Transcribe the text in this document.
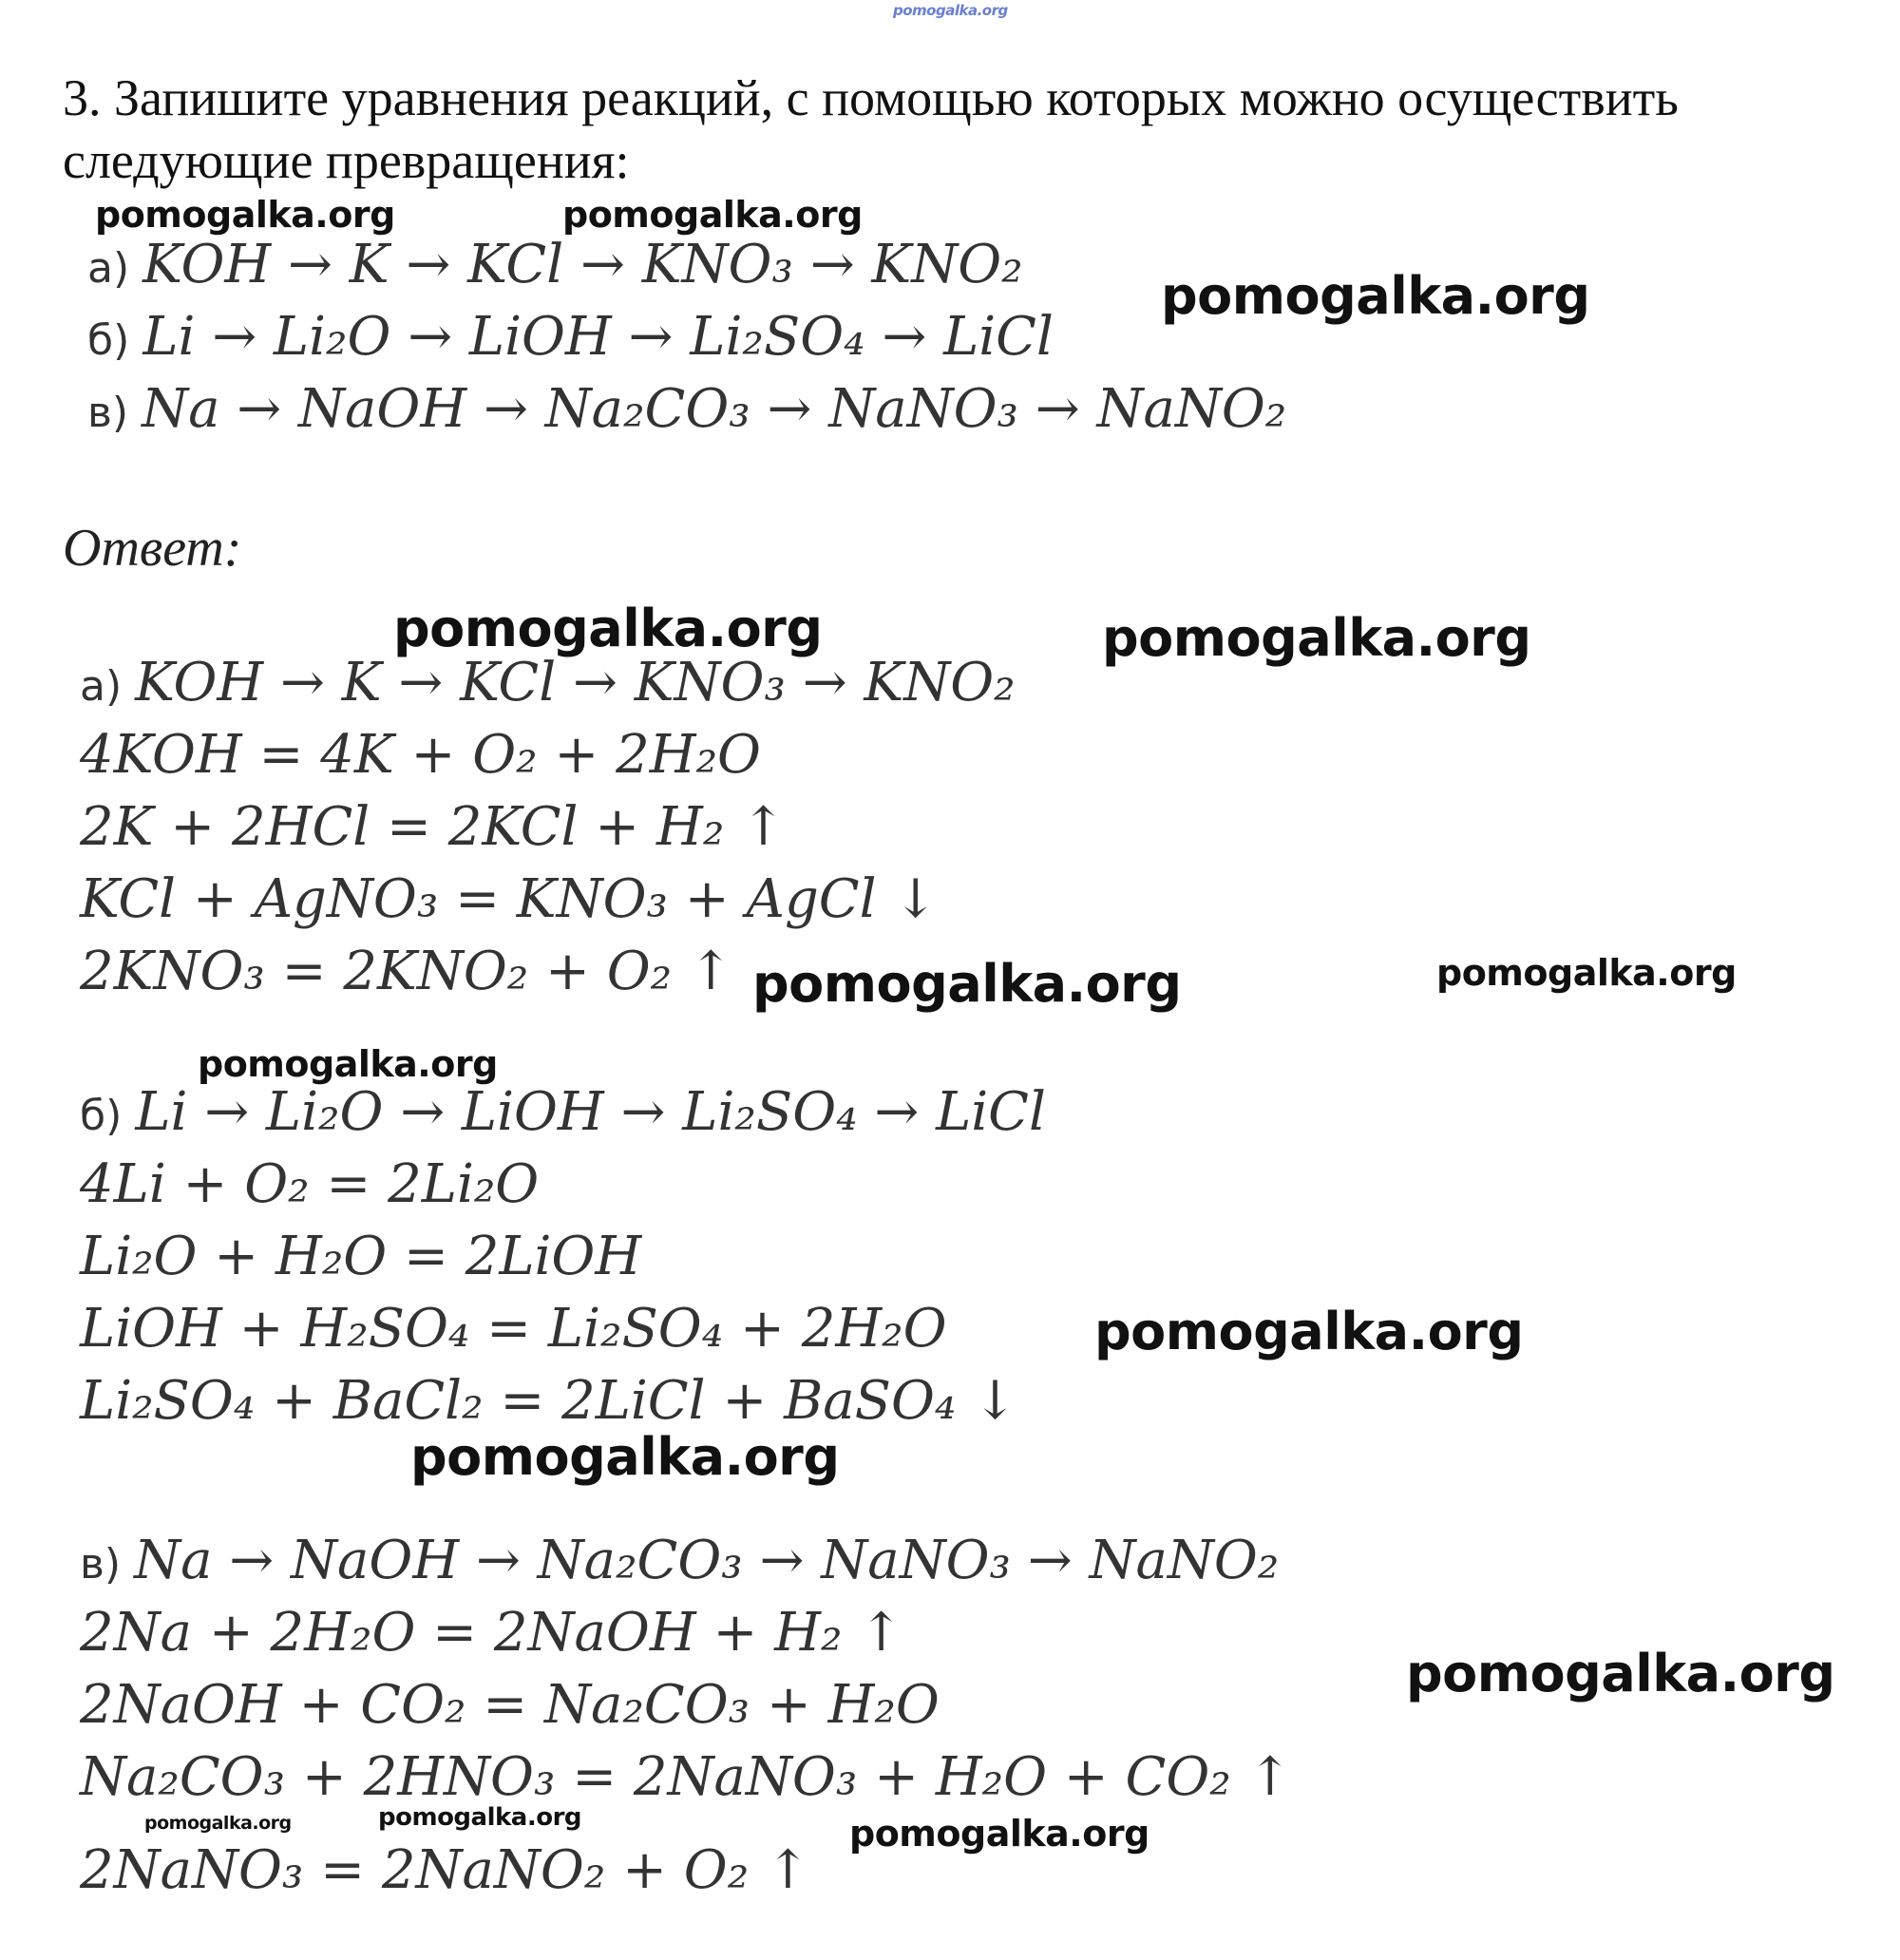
pomogalka.org
pomogalka.org	pomogalka.org
pomogalka.org
pomogalka.org	pomogalka.org
pomogalka.org	pomogalka.org
pomogalka.org
pomogalka.org
pomogalka.org
pomogalka.org
pomogalka.org	pomogalka.org	pomogalka.org
3. Запишите уравнения реакций, с помощью которых можно осуществить следующие превращения:
а) KOH → K → KCl → KNO₃ → KNO₂
б) Li → Li₂O → LiOH → Li₂SO₄ → LiCl
в) Na → NaOH → Na₂CO₃ → NaNO₃ → NaNO₂
Ответ:
а) KOH → K → KCl → KNO₃ → KNO₂
4KOH = 4K + O₂ + 2H₂O
2K + 2HCl = 2KCl + H₂ ↑
KCl + AgNO₃ = KNO₃ + AgCl ↓
2KNO₃ = 2KNO₂ + O₂ ↑
б) Li → Li₂O → LiOH → Li₂SO₄ → LiCl
4Li + O₂ = 2Li₂O
Li₂O + H₂O = 2LiOH
LiOH + H₂SO₄ = Li₂SO₄ + 2H₂O
Li₂SO₄ + BaCl₂ = 2LiCl + BaSO₄ ↓
в) Na → NaOH → Na₂CO₃ → NaNO₃ → NaNO₂
2Na + 2H₂O = 2NaOH + H₂ ↑
2NaOH + CO₂ = Na₂CO₃ + H₂O
Na₂CO₃ + 2HNO₃ = 2NaNO₃ + H₂O + CO₂ ↑
2NaNO₃ = 2NaNO₂ + O₂ ↑
